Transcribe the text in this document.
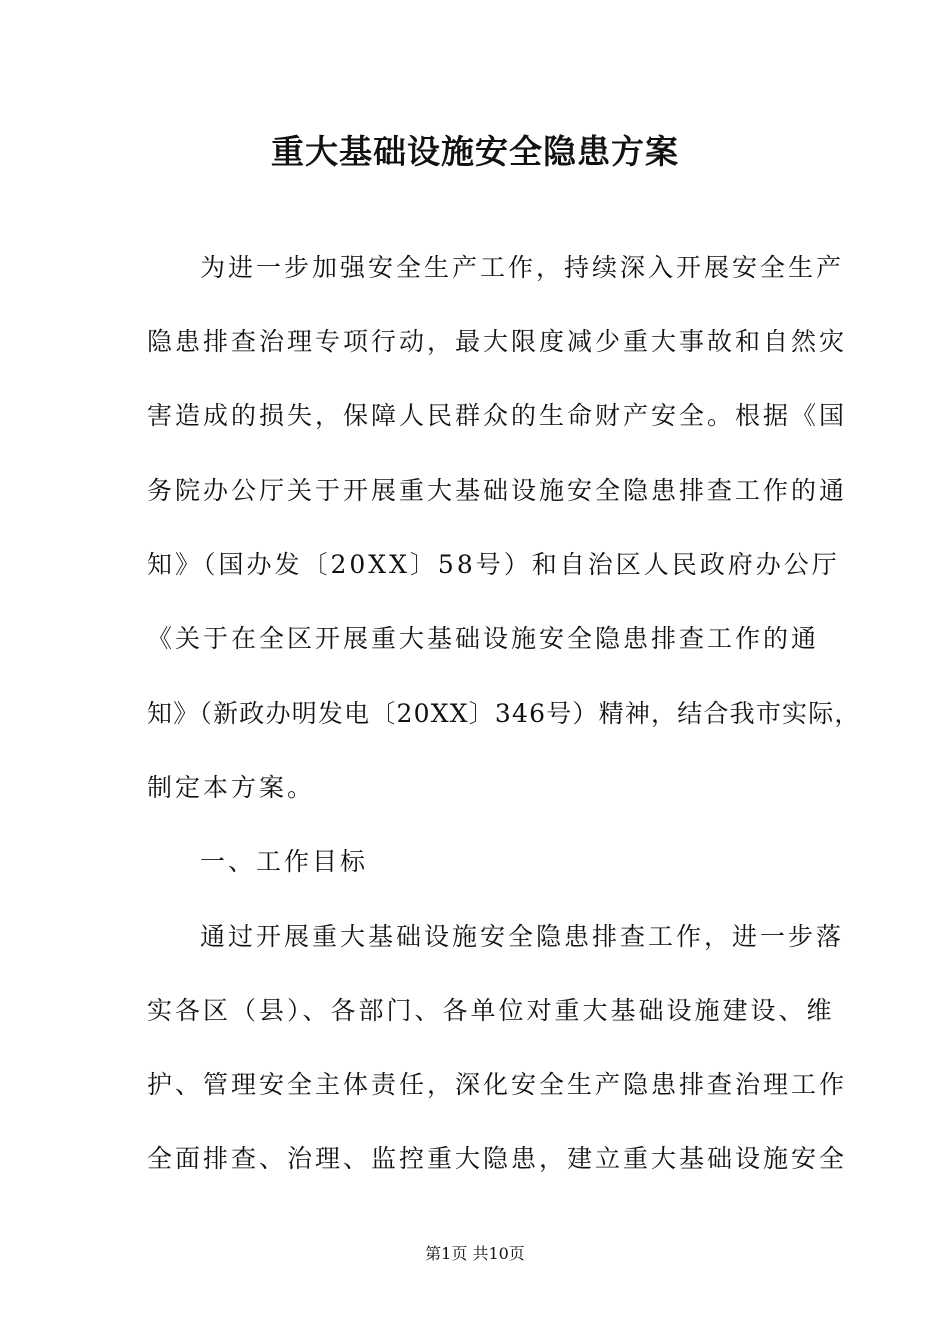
重大基础设施安全隐患方案
为进一步加强安全生产工作，持续深入开展安全生产
隐患排查治理专项行动，最大限度减少重大事故和自然灾
害造成的损失，保障人民群众的生命财产安全。根据《国
务院办公厅关于开展重大基础设施安全隐患排查工作的通
知》（国办发〔20XX〕58号）和自治区人民政府办公厅
《关于在全区开展重大基础设施安全隐患排查工作的通
知》（新政办明发电〔20XX〕346号）精神，结合我市实际，
制定本方案。
一、工作目标
通过开展重大基础设施安全隐患排查工作，进一步落
实各区（县）、各部门、各单位对重大基础设施建设、维
护、管理安全主体责任，深化安全生产隐患排查治理工作
全面排查、治理、监控重大隐患，建立重大基础设施安全
第1页 共10页
